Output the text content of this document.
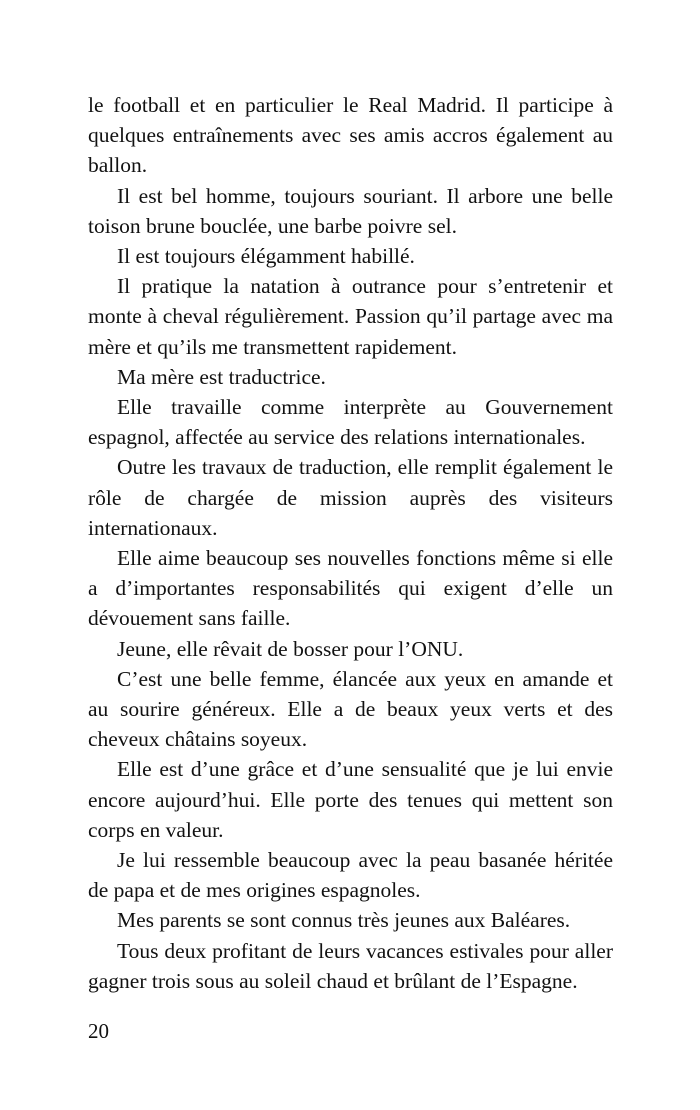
le football et en particulier le Real Madrid. Il participe à quelques entraînements avec ses amis accros également au ballon.

Il est bel homme, toujours souriant. Il arbore une belle toison brune bouclée, une barbe poivre sel.

Il est toujours élégamment habillé.

Il pratique la natation à outrance pour s’entretenir et monte à cheval régulièrement. Passion qu’il partage avec ma mère et qu’ils me transmettent rapidement.

Ma mère est traductrice.

Elle travaille comme interprète au Gouvernement espagnol, affectée au service des relations internationales.

Outre les travaux de traduction, elle remplit également le rôle de chargée de mission auprès des visiteurs internationaux.

Elle aime beaucoup ses nouvelles fonctions même si elle a d’importantes responsabilités qui exigent d’elle un dévouement sans faille.

Jeune, elle rêvait de bosser pour l’ONU.

C’est une belle femme, élancée aux yeux en amande et au sourire généreux. Elle a de beaux yeux verts et des cheveux châtains soyeux.

Elle est d’une grâce et d’une sensualité que je lui envie encore aujourd’hui. Elle porte des tenues qui mettent son corps en valeur.

Je lui ressemble beaucoup avec la peau basanée héritée de papa et de mes origines espagnoles.

Mes parents se sont connus très jeunes aux Baléares.

Tous deux profitant de leurs vacances estivales pour aller gagner trois sous au soleil chaud et brûlant de l’Espagne.

20
